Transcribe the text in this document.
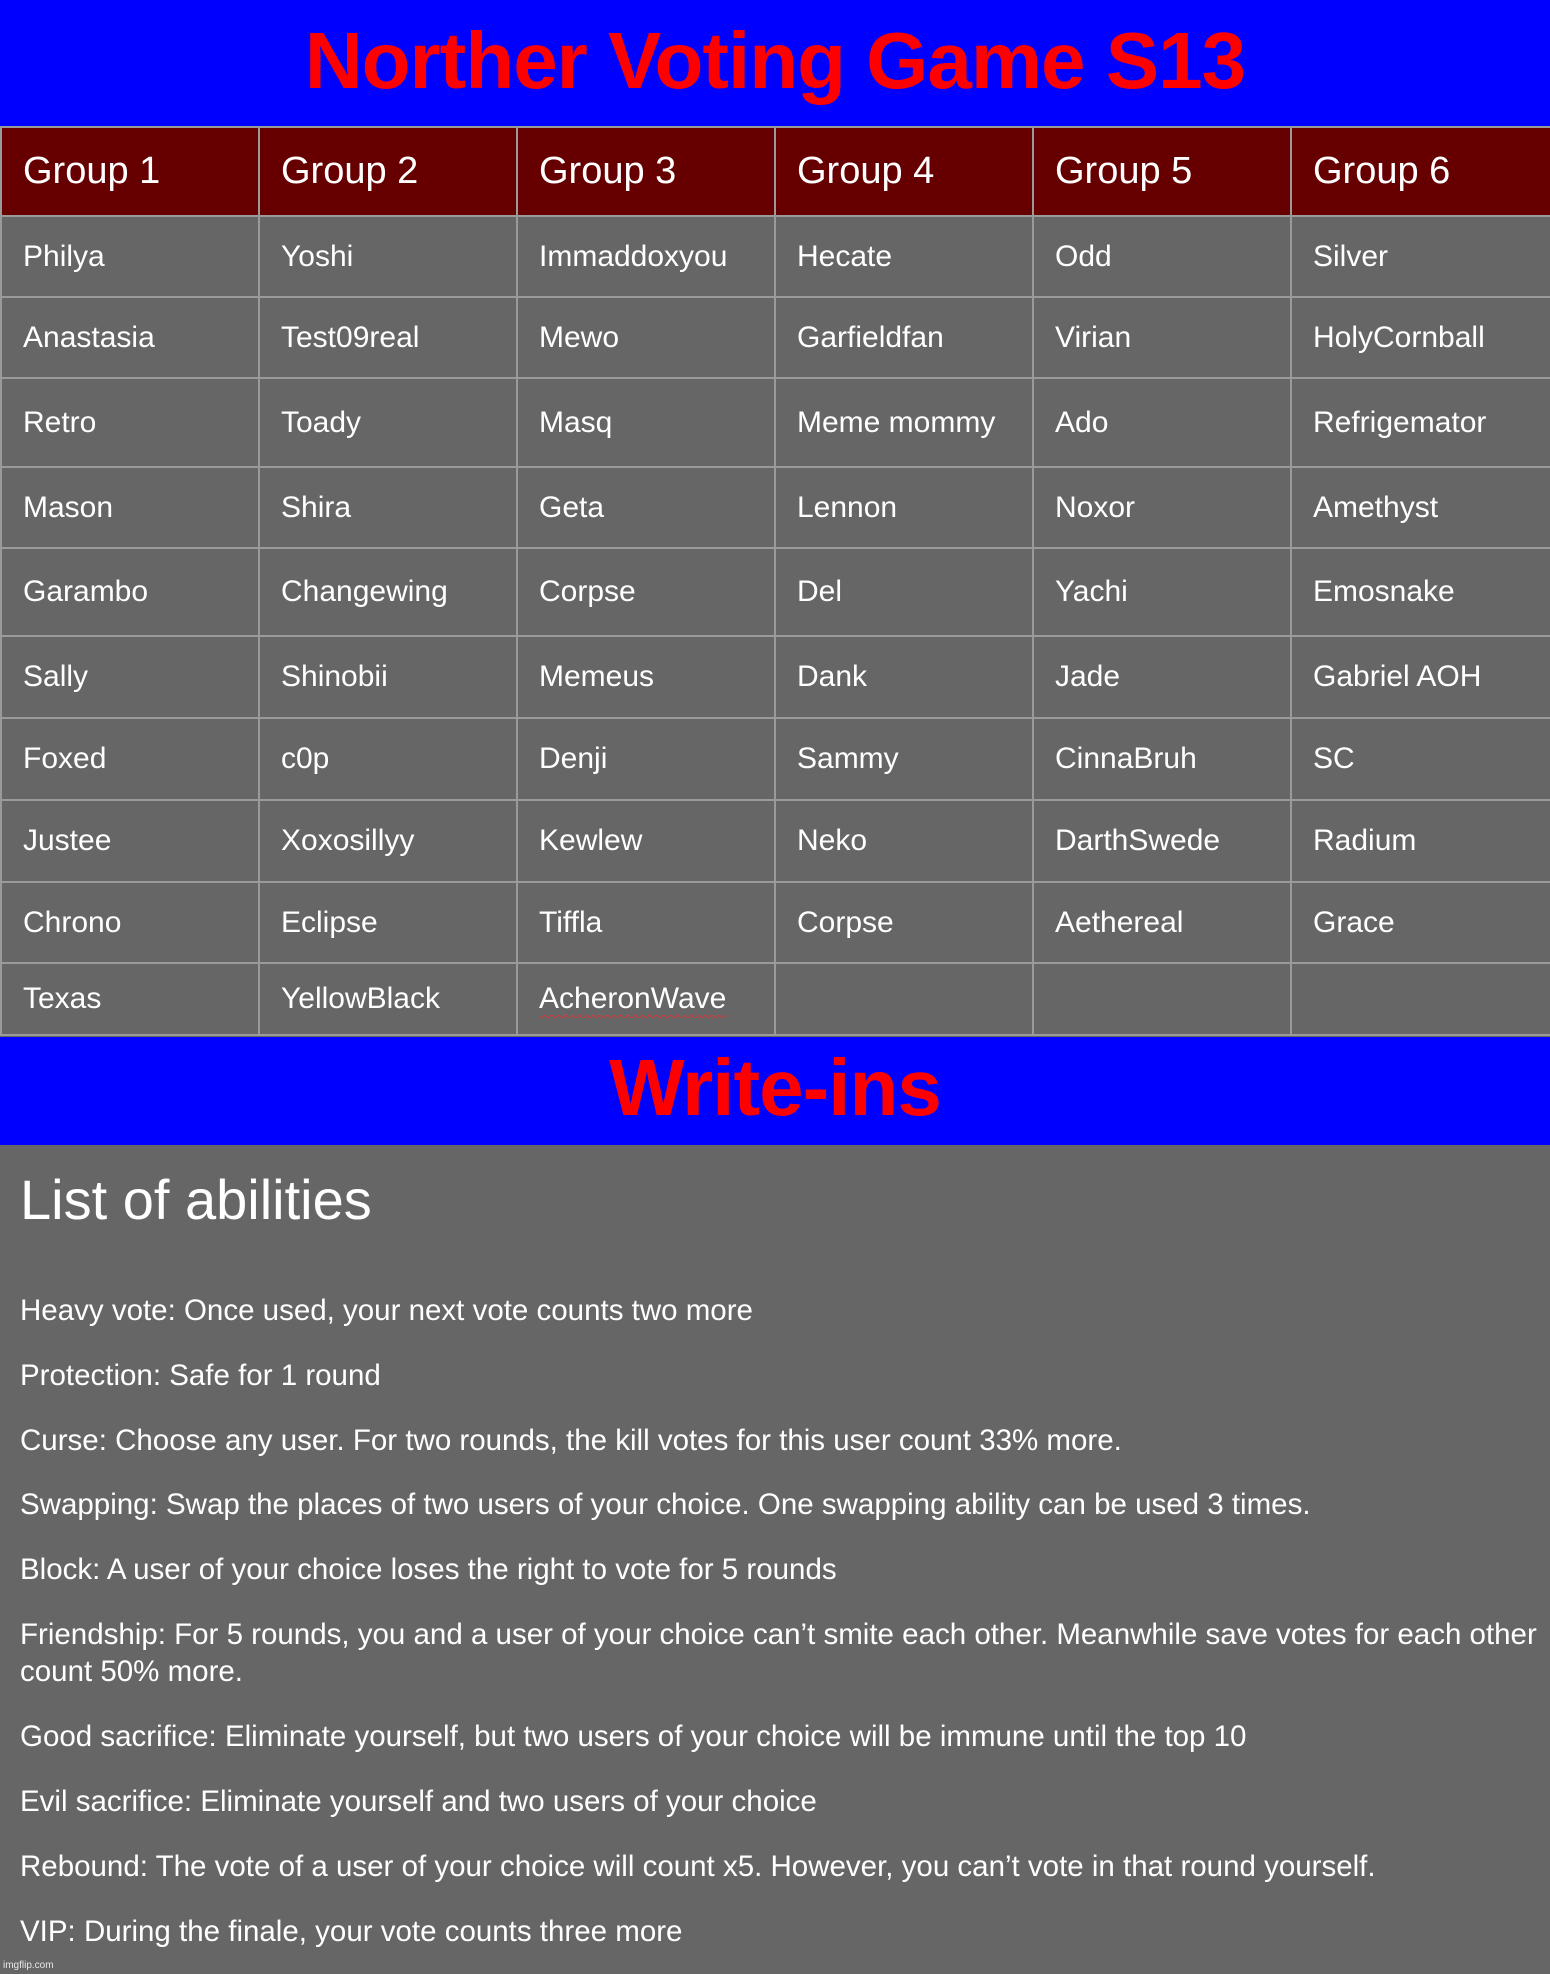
Norther Voting Game S13
Group 1	Group 2	Group 3	Group 4	Group 5	Group 6
Philya	Yoshi	Immaddoxyou	Hecate	Odd	Silver
Anastasia	Test09real	Mewo	Garfieldfan	Virian	HolyCornball
Retro	Toady	Masq	Meme mommy	Ado	Refrigemator
Mason	Shira	Geta	Lennon	Noxor	Amethyst
Garambo	Changewing	Corpse	Del	Yachi	Emosnake
Sally	Shinobii	Memeus	Dank	Jade	Gabriel AOH
Foxed	c0p	Denji	Sammy	CinnaBruh	SC
Justee	Xoxosillyy	Kewlew	Neko	DarthSwede	Radium
Chrono	Eclipse	Tiffla	Corpse	Aethereal	Grace
Texas	YellowBlack	AcheronWave			
Write-ins
List of abilities

Heavy vote: Once used, your next vote counts two more

Protection: Safe for 1 round

Curse: Choose any user. For two rounds, the kill votes for this user count 33% more.

Swapping: Swap the places of two users of your choice. One swapping ability can be used 3 times.

Block: A user of your choice loses the right to vote for 5 rounds

Friendship: For 5 rounds, you and a user of your choice can’t smite each other. Meanwhile save votes for each other count 50% more.

Good sacrifice: Eliminate yourself, but two users of your choice will be immune until the top 10

Evil sacrifice: Eliminate yourself and two users of your choice

Rebound: The vote of a user of your choice will count x5. However, you can’t vote in that round yourself.

VIP: During the finale, your vote counts three more

imgflip.com
